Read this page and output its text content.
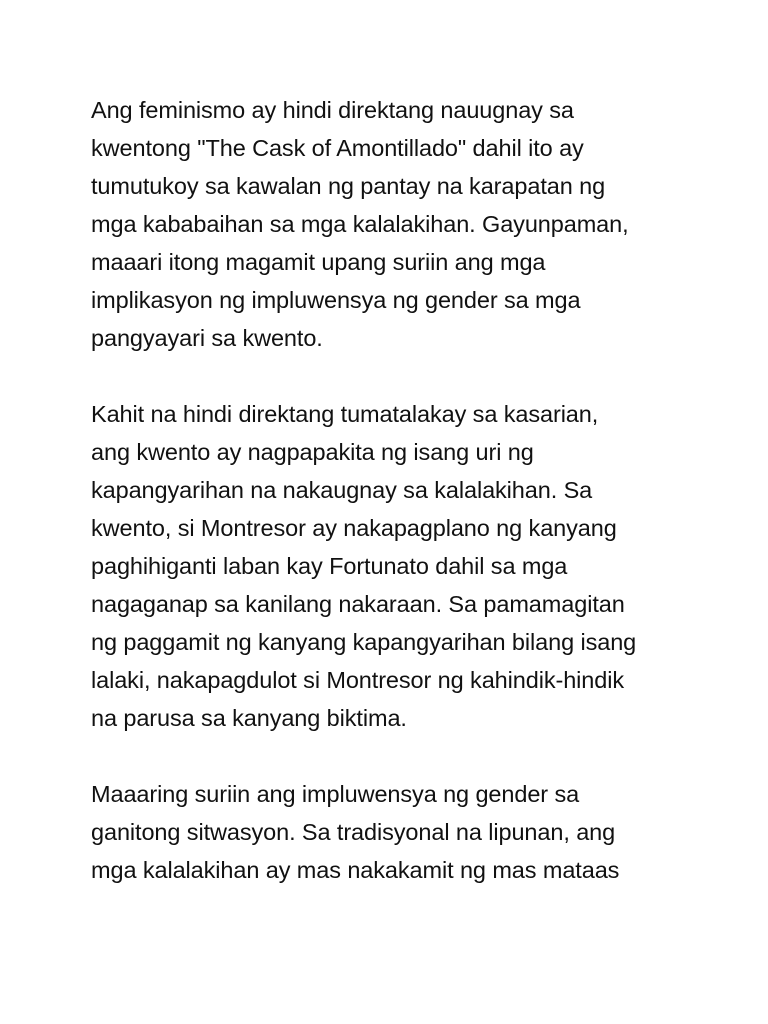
Ang feminismo ay hindi direktang nauugnay sa
kwentong "The Cask of Amontillado" dahil ito ay
tumutukoy sa kawalan ng pantay na karapatan ng
mga kababaihan sa mga kalalakihan. Gayunpaman,
maaari itong magamit upang suriin ang mga
implikasyon ng impluwensya ng gender sa mga
pangyayari sa kwento.

Kahit na hindi direktang tumatalakay sa kasarian,
ang kwento ay nagpapakita ng isang uri ng
kapangyarihan na nakaugnay sa kalalakihan. Sa
kwento, si Montresor ay nakapagplano ng kanyang
paghihiganti laban kay Fortunato dahil sa mga
nagaganap sa kanilang nakaraan. Sa pamamagitan
ng paggamit ng kanyang kapangyarihan bilang isang
lalaki, nakapagdulot si Montresor ng kahindik-hindik
na parusa sa kanyang biktima.

Maaaring suriin ang impluwensya ng gender sa
ganitong sitwasyon. Sa tradisyonal na lipunan, ang
mga kalalakihan ay mas nakakamit ng mas mataas
